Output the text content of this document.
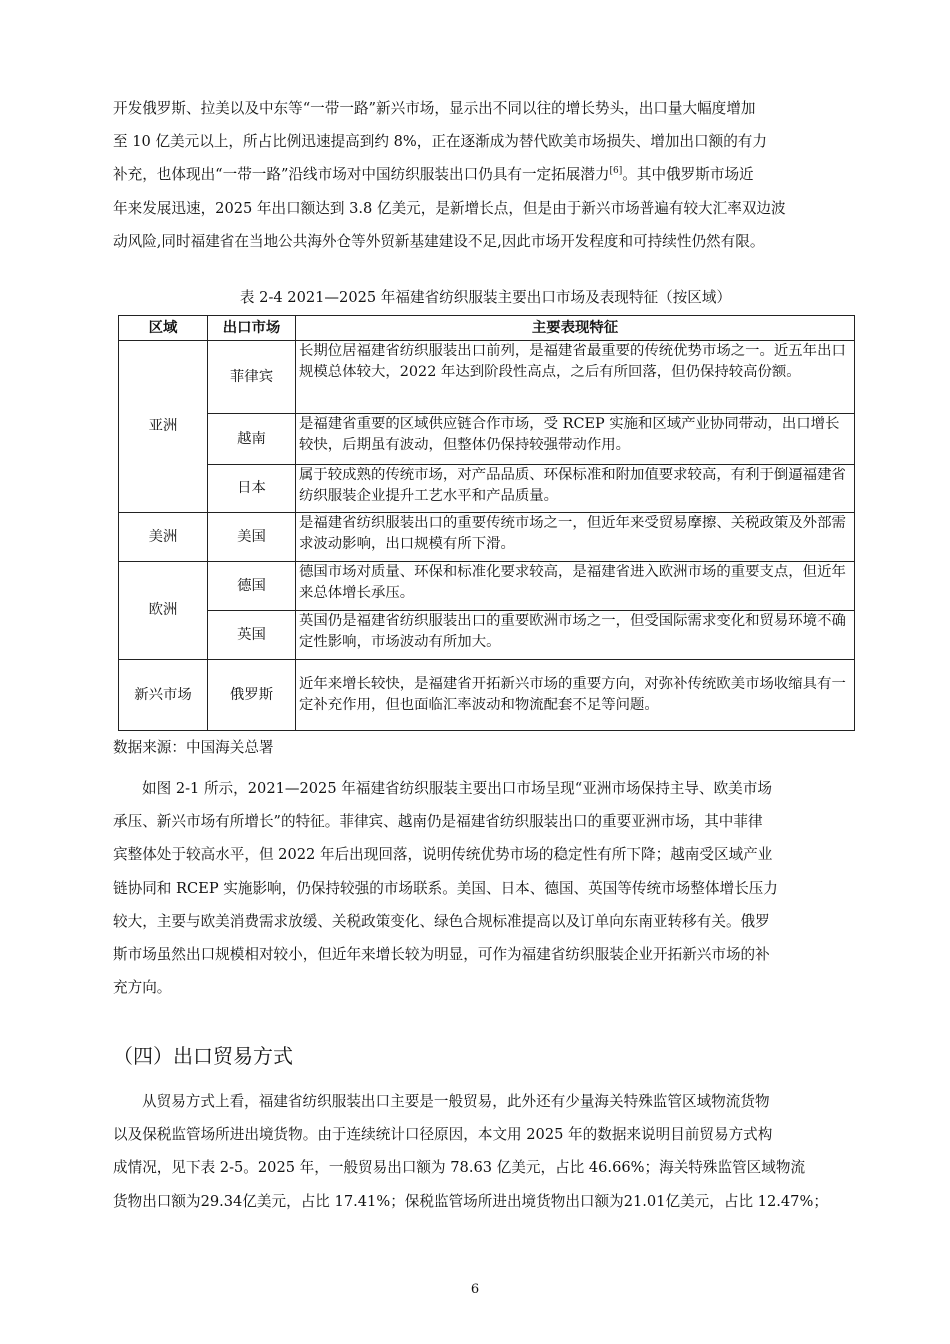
开发俄罗斯、拉美以及中东等“一带一路”新兴市场，显示出不同以往的增长势头，出口量大幅度增加
至 10 亿美元以上，所占比例迅速提高到约 8%，正在逐渐成为替代欧美市场损失、增加出口额的有力
补充，也体现出“一带一路”沿线市场对中国纺织服装出口仍具有一定拓展潜力[6]。其中俄罗斯市场近
年来发展迅速，2025 年出口额达到 3.8 亿美元，是新增长点，但是由于新兴市场普遍有较大汇率双边波
动风险,同时福建省在当地公共海外仓等外贸新基建建设不足,因此市场开发程度和可持续性仍然有限。

表 2-4 2021—2025 年福建省纺织服装主要出口市场及表现特征（按区域）

区域	出口市场	主要表现特征
亚洲	菲律宾	长期位居福建省纺织服装出口前列，是福建省最重要的传统优势市场之一。近五年出口规模总体较大，2022 年达到阶段性高点，之后有所回落，但仍保持较高份额。
	越南	是福建省重要的区域供应链合作市场，受 RCEP 实施和区域产业协同带动，出口增长较快，后期虽有波动，但整体仍保持较强带动作用。
	日本	属于较成熟的传统市场，对产品品质、环保标准和附加值要求较高，有利于倒逼福建省纺织服装企业提升工艺水平和产品质量。
美洲	美国	是福建省纺织服装出口的重要传统市场之一，但近年来受贸易摩擦、关税政策及外部需求波动影响，出口规模有所下滑。
欧洲	德国	德国市场对质量、环保和标准化要求较高，是福建省进入欧洲市场的重要支点，但近年来总体增长承压。
	英国	英国仍是福建省纺织服装出口的重要欧洲市场之一，但受国际需求变化和贸易环境不确定性影响，市场波动有所加大。
新兴市场	俄罗斯	近年来增长较快，是福建省开拓新兴市场的重要方向，对弥补传统欧美市场收缩具有一定补充作用，但也面临汇率波动和物流配套不足等问题。

数据来源：中国海关总署

如图 2-1 所示，2021—2025 年福建省纺织服装主要出口市场呈现“亚洲市场保持主导、欧美市场
承压、新兴市场有所增长”的特征。菲律宾、越南仍是福建省纺织服装出口的重要亚洲市场，其中菲律
宾整体处于较高水平，但 2022 年后出现回落，说明传统优势市场的稳定性有所下降；越南受区域产业
链协同和 RCEP 实施影响，仍保持较强的市场联系。美国、日本、德国、英国等传统市场整体增长压力
较大，主要与欧美消费需求放缓、关税政策变化、绿色合规标准提高以及订单向东南亚转移有关。俄罗
斯市场虽然出口规模相对较小，但近年来增长较为明显，可作为福建省纺织服装企业开拓新兴市场的补
充方向。
（四）出口贸易方式
从贸易方式上看，福建省纺织服装出口主要是一般贸易，此外还有少量海关特殊监管区域物流货物
以及保税监管场所进出境货物。由于连续统计口径原因，本文用 2025 年的数据来说明目前贸易方式构
成情况，见下表 2-5。2025 年，一般贸易出口额为 78.63 亿美元，占比 46.66%；海关特殊监管区域物流
货物出口额为29.34亿美元，占比 17.41%；保税监管场所进出境货物出口额为21.01亿美元，占比 12.47%；

6
